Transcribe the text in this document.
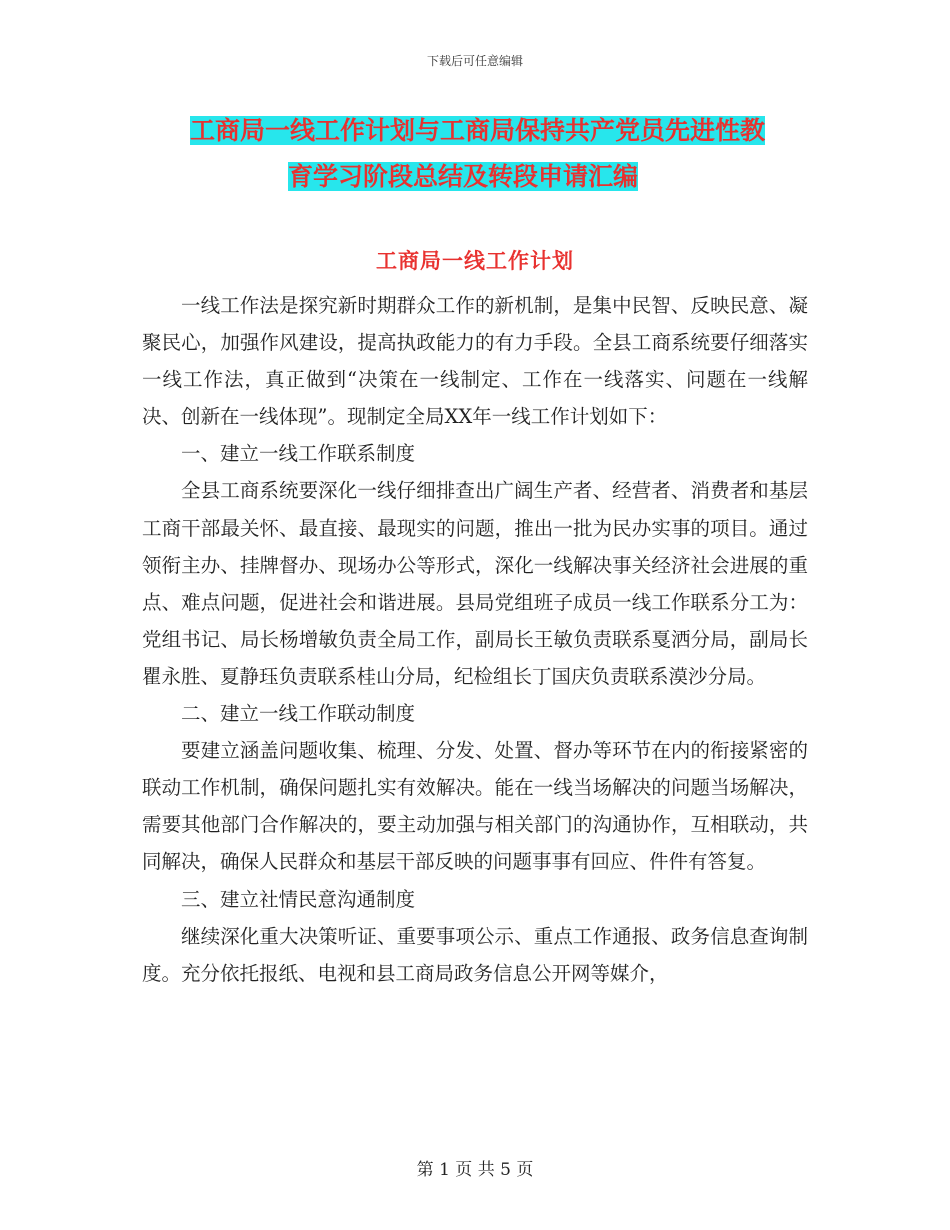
下载后可任意编辑
工商局一线工作计划与工商局保持共产党员先进性教
育学习阶段总结及转段申请汇编
工商局一线工作计划

一线工作法是探究新时期群众工作的新机制，是集中民智、反映民意、凝聚民心，加强作风建设，提高执政能力的有力手段。全县工商系统要仔细落实一线工作法，真正做到“决策在一线制定、工作在一线落实、问题在一线解决、创新在一线体现”。现制定全局XX年一线工作计划如下：

一、建立一线工作联系制度

全县工商系统要深化一线仔细排查出广阔生产者、经营者、消费者和基层工商干部最关怀、最直接、最现实的问题，推出一批为民办实事的项目。通过领衔主办、挂牌督办、现场办公等形式，深化一线解决事关经济社会进展的重点、难点问题，促进社会和谐进展。县局党组班子成员一线工作联系分工为：党组书记、局长杨增敏负责全局工作，副局长王敏负责联系戛洒分局，副局长瞿永胜、夏静珏负责联系桂山分局，纪检组长丁国庆负责联系漠沙分局。

二、建立一线工作联动制度

要建立涵盖问题收集、梳理、分发、处置、督办等环节在内的衔接紧密的联动工作机制，确保问题扎实有效解决。能在一线当场解决的问题当场解决，需要其他部门合作解决的，要主动加强与相关部门的沟通协作，互相联动，共同解决，确保人民群众和基层干部反映的问题事事有回应、件件有答复。

三、建立社情民意沟通制度

继续深化重大决策听证、重要事项公示、重点工作通报、政务信息查询制度。充分依托报纸、电视和县工商局政务信息公开网等媒介，

第 1 页 共 5 页
